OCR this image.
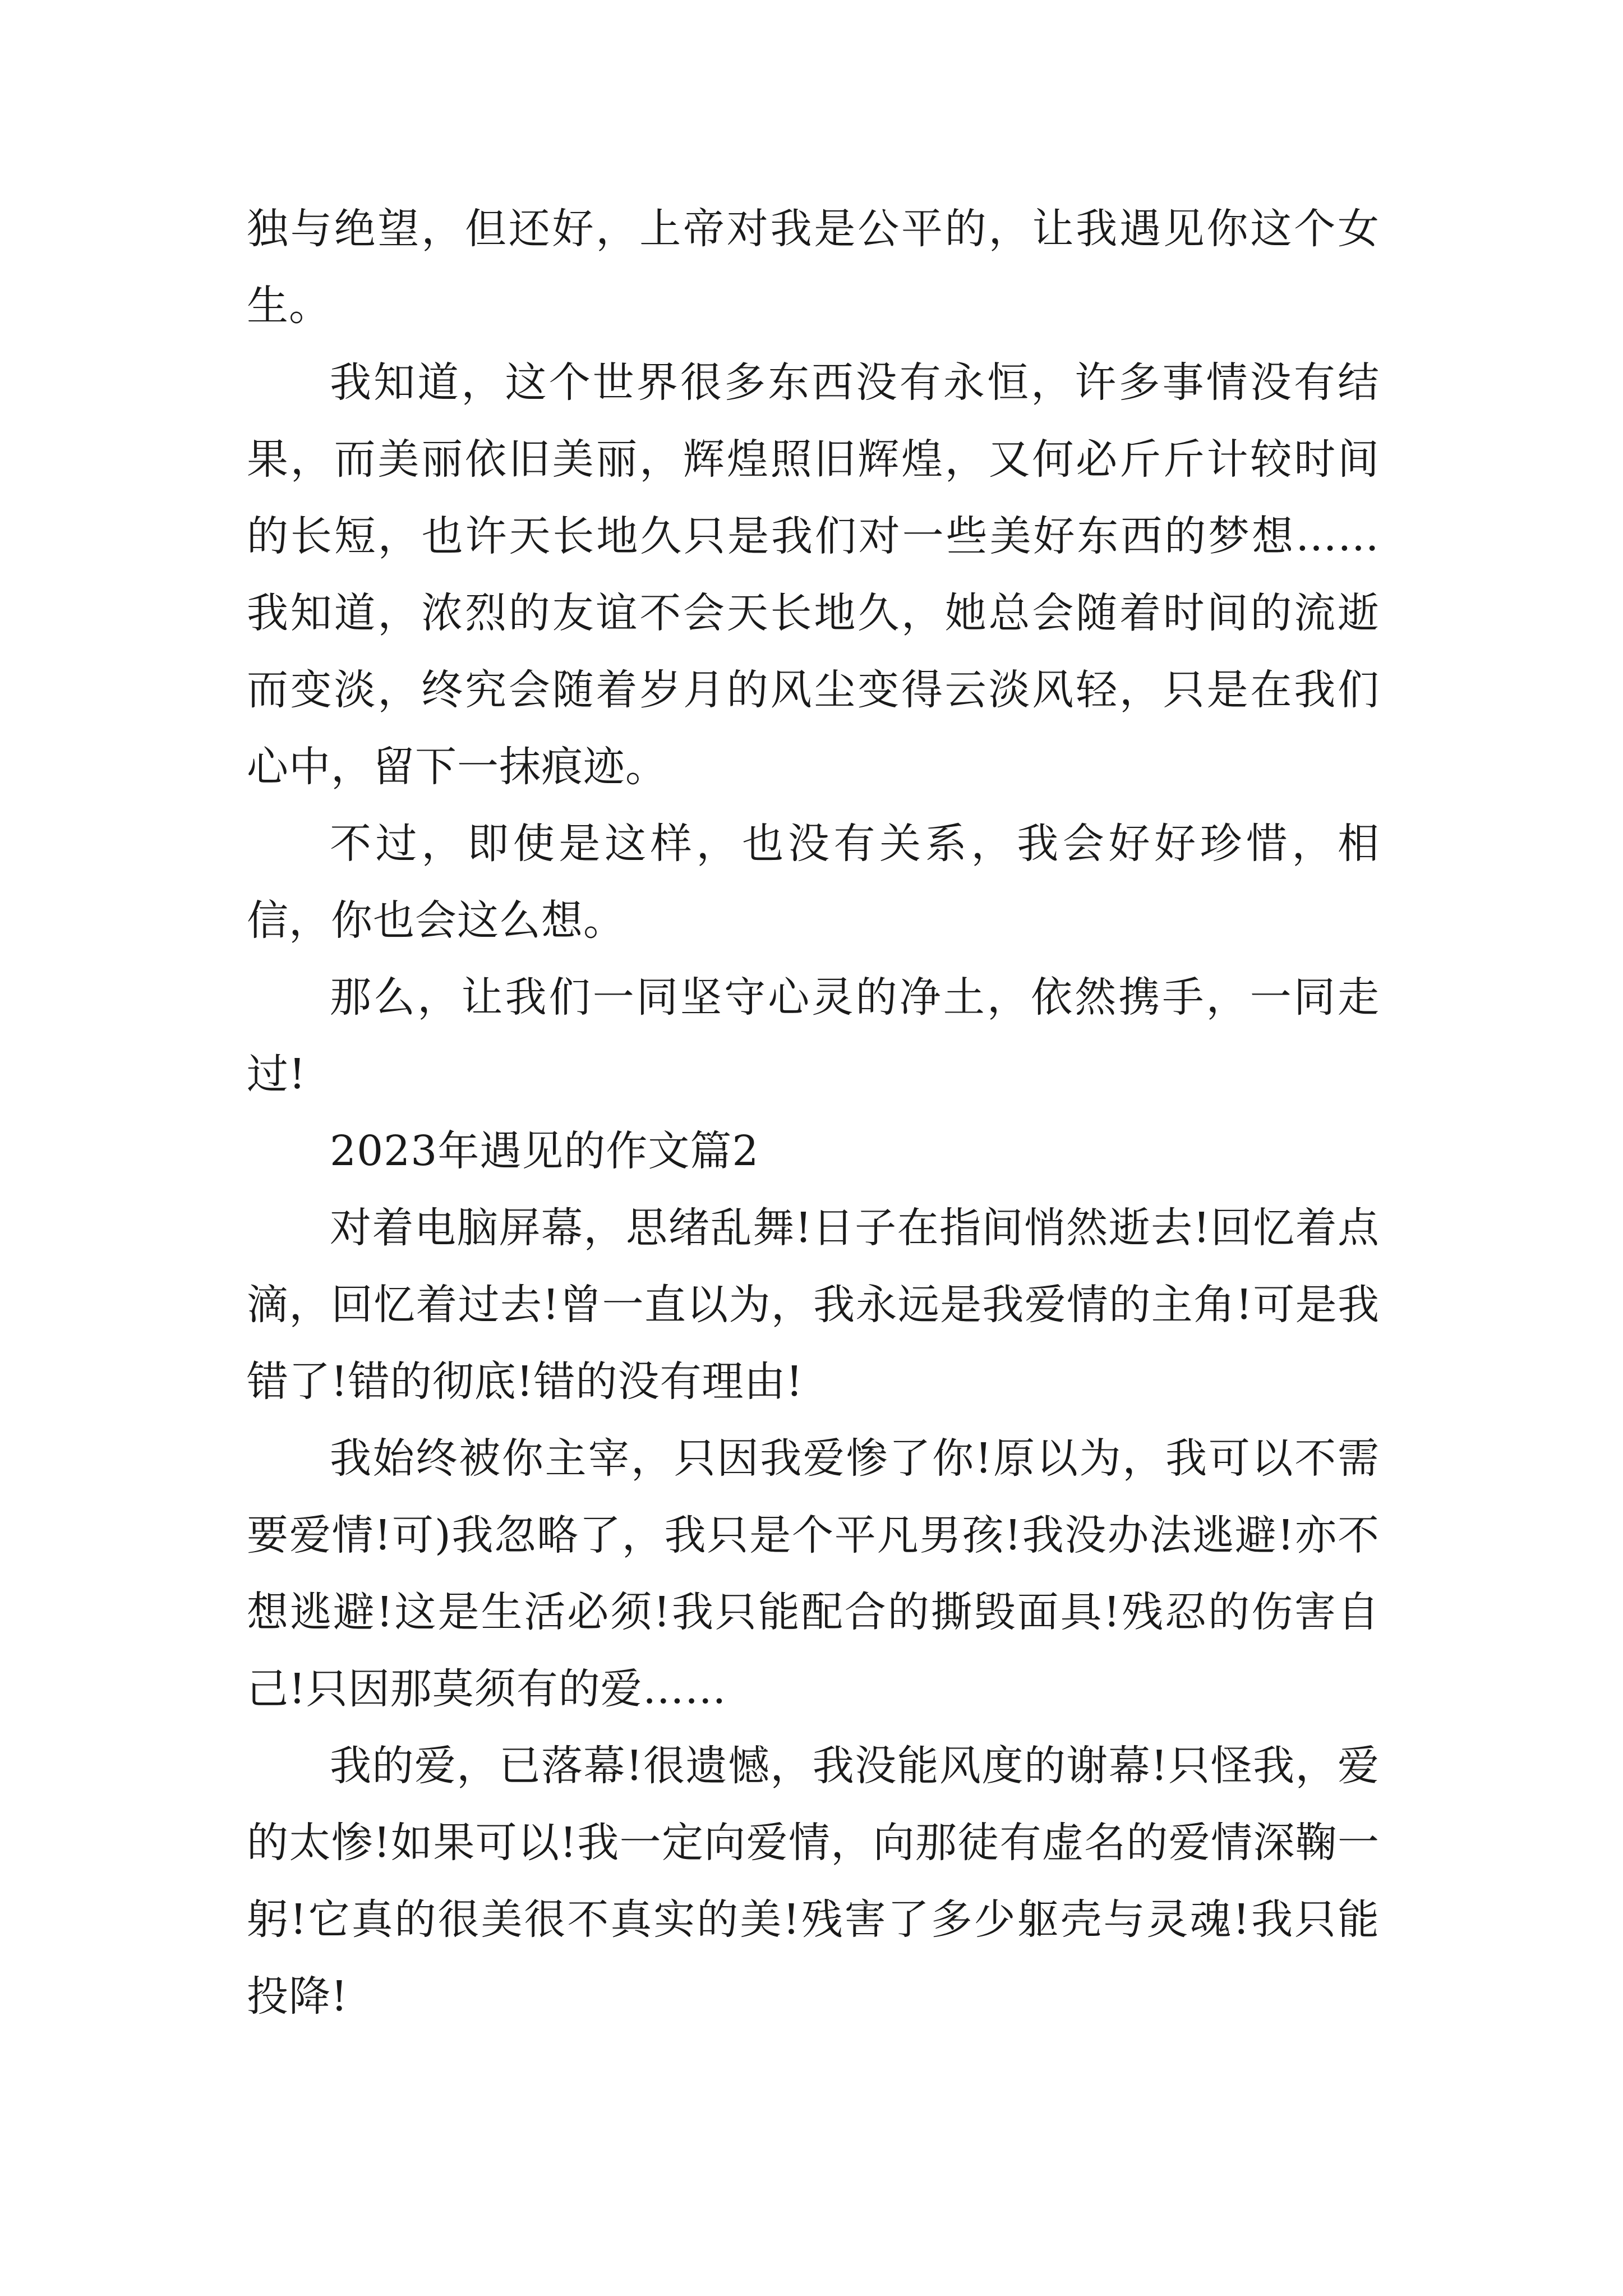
独与绝望，但还好，上帝对我是公平的，让我遇见你这个女生。

我知道，这个世界很多东西没有永恒，许多事情没有结果，而美丽依旧美丽，辉煌照旧辉煌，又何必斤斤计较时间的长短，也许天长地久只是我们对一些美好东西的梦想……我知道，浓烈的友谊不会天长地久，她总会随着时间的流逝而变淡，终究会随着岁月的风尘变得云淡风轻，只是在我们心中，留下一抹痕迹。

不过，即使是这样，也没有关系，我会好好珍惜，相信，你也会这么想。

那么，让我们一同坚守心灵的净土，依然携手，一同走过!

2023年遇见的作文篇2

对着电脑屏幕，思绪乱舞!日子在指间悄然逝去!回忆着点滴，回忆着过去!曾一直以为，我永远是我爱情的主角!可是我错了!错的彻底!错的没有理由!

我始终被你主宰，只因我爱惨了你!原以为，我可以不需要爱情!可)我忽略了，我只是个平凡男孩!我没办法逃避!亦不想逃避!这是生活必须!我只能配合的撕毁面具!残忍的伤害自己!只因那莫须有的爱……

我的爱，已落幕!很遗憾，我没能风度的谢幕!只怪我，爱的太惨!如果可以!我一定向爱情，向那徒有虚名的爱情深鞠一躬!它真的很美很不真实的美!残害了多少躯壳与灵魂!我只能投降!
